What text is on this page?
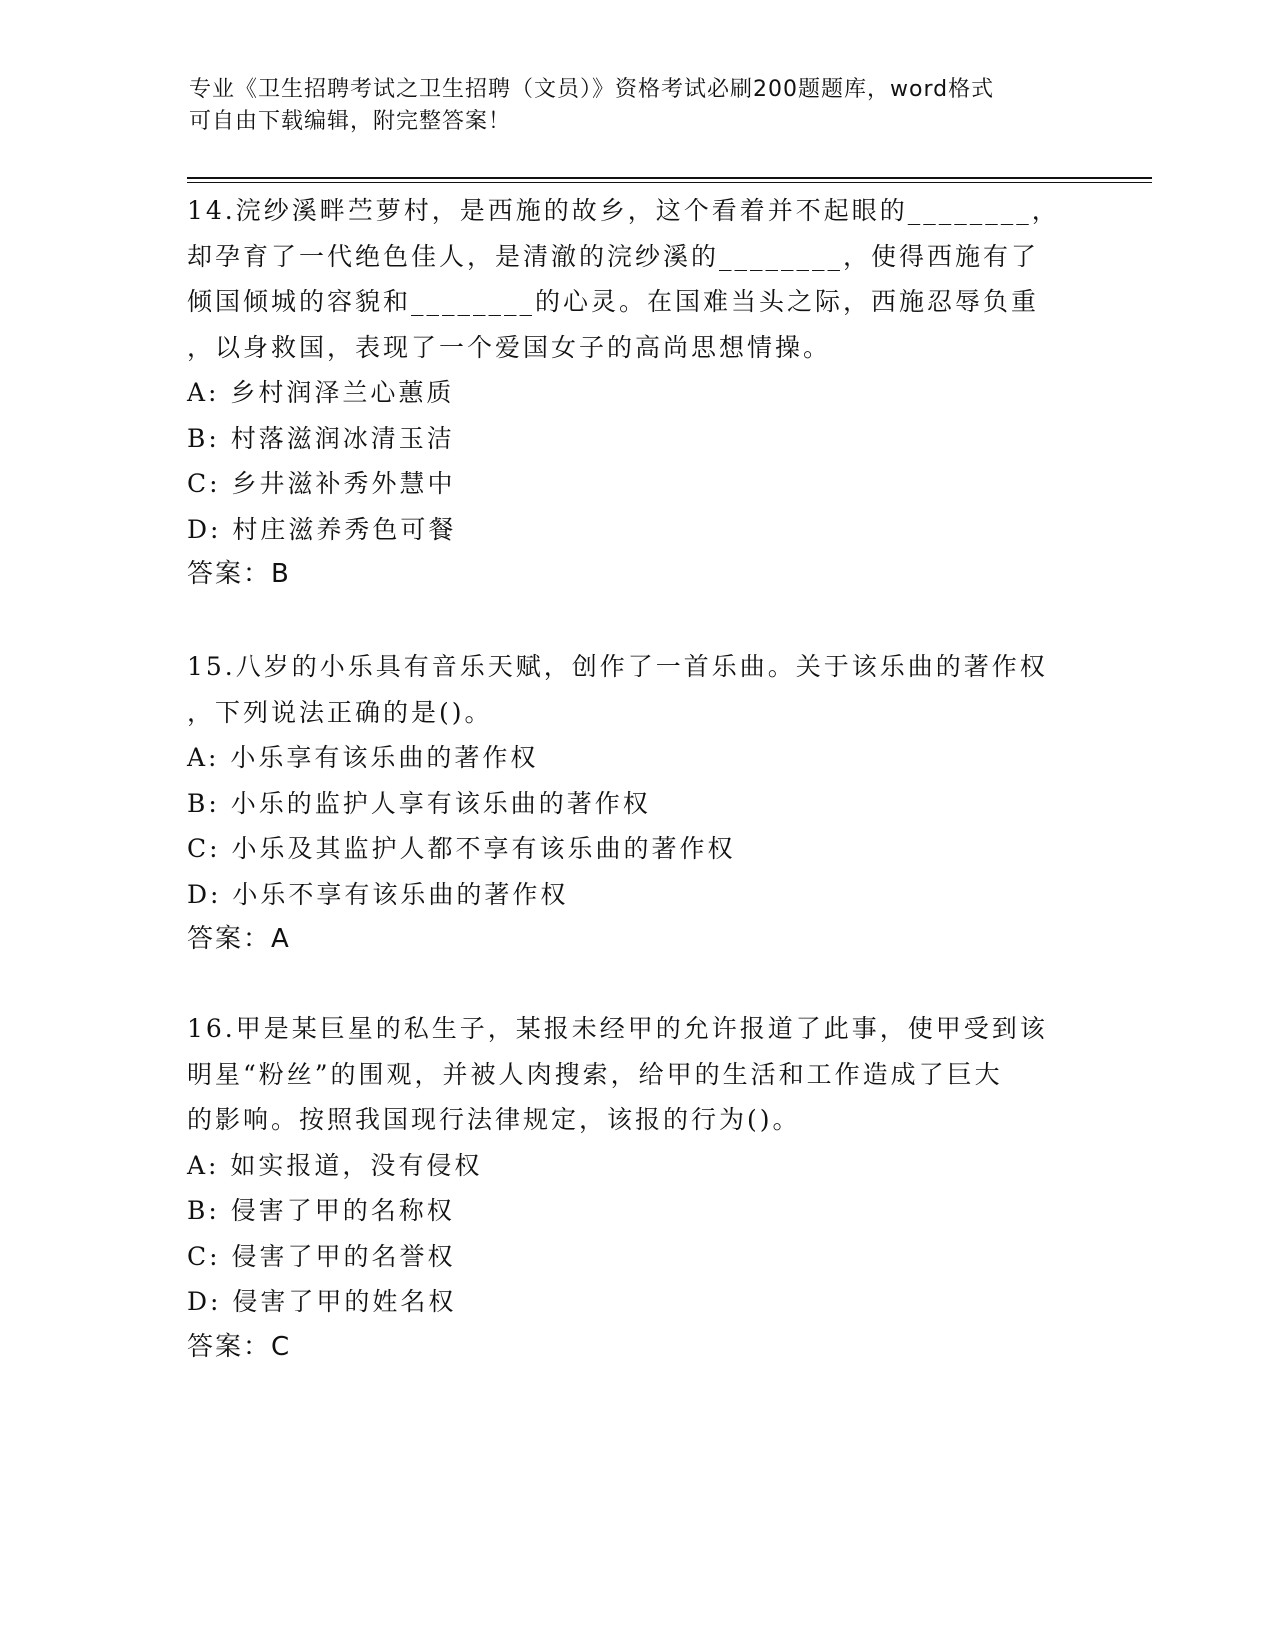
专业《卫生招聘考试之卫生招聘（文员）》资格考试必刷200题题库，word格式
可自由下载编辑，附完整答案！
14.浣纱溪畔苎萝村，是西施的故乡，这个看着并不起眼的________，
却孕育了一代绝色佳人，是清澈的浣纱溪的________，使得西施有了
倾国倾城的容貌和________的心灵。在国难当头之际，西施忍辱负重
，以身救国，表现了一个爱国女子的高尚思想情操。
A: 乡村润泽兰心蕙质
B: 村落滋润冰清玉洁
C: 乡井滋补秀外慧中
D: 村庄滋养秀色可餐
答案：B
15.八岁的小乐具有音乐天赋，创作了一首乐曲。关于该乐曲的著作权
，下列说法正确的是()。
A: 小乐享有该乐曲的著作权
B: 小乐的监护人享有该乐曲的著作权
C: 小乐及其监护人都不享有该乐曲的著作权
D: 小乐不享有该乐曲的著作权
答案：A
16.甲是某巨星的私生子，某报未经甲的允许报道了此事，使甲受到该
明星“粉丝”的围观，并被人肉搜索，给甲的生活和工作造成了巨大
的影响。按照我国现行法律规定，该报的行为()。
A: 如实报道，没有侵权
B: 侵害了甲的名称权
C: 侵害了甲的名誉权
D: 侵害了甲的姓名权
答案：C
